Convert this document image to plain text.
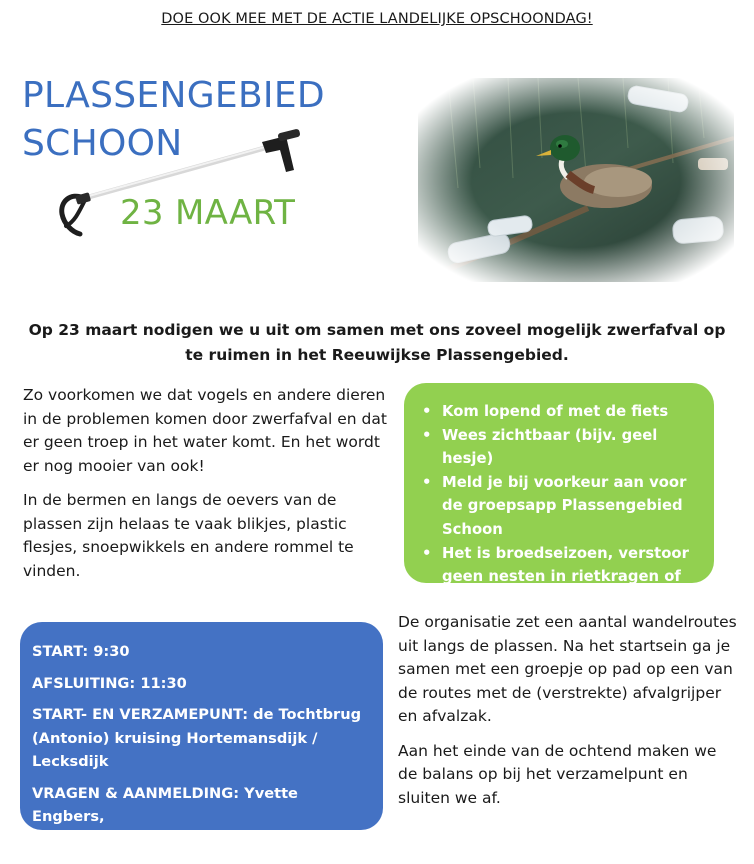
DOE OOK MEE MET DE ACTIE LANDELIJKE OPSCHOONDAG!
PLASSENGEBIED
SCHOON
23 MAART
Op 23 maart nodigen we u uit om samen met ons zoveel mogelijk zwerfafval op
te ruimen in het Reeuwijkse Plassengebied.

Zo voorkomen we dat vogels en andere dieren in de problemen komen door zwerfafval en dat er geen troep in het water komt. En het wordt er nog mooier van ook!

In de bermen en langs de oevers van de plassen zijn helaas te vaak blikjes, plastic flesjes, snoepwikkels en andere rommel te vinden.

• Kom lopend of met de fiets
• Wees zichtbaar (bijv. geel hesje)
• Meld je bij voorkeur aan voor de groepsapp Plassengebied Schoon
• Het is broedseizoen, verstoor geen nesten in rietkragen of andere mogelijke nestlocaties

START: 9:30

AFSLUITING: 11:30

START- EN VERZAMEPUNT: de Tochtbrug (Antonio) kruising Hortemansdijk / Lecksdijk

VRAGEN & AANMELDING: Yvette Engbers, secretaris@12reeuwijkseplassen.nl

De organisatie zet een aantal wandelroutes uit langs de plassen. Na het startsein ga je samen met een groepje op pad op een van de routes met de (verstrekte) afvalgrijper en afvalzak.

Aan het einde van de ochtend maken we de balans op bij het verzamelpunt en sluiten we af.
